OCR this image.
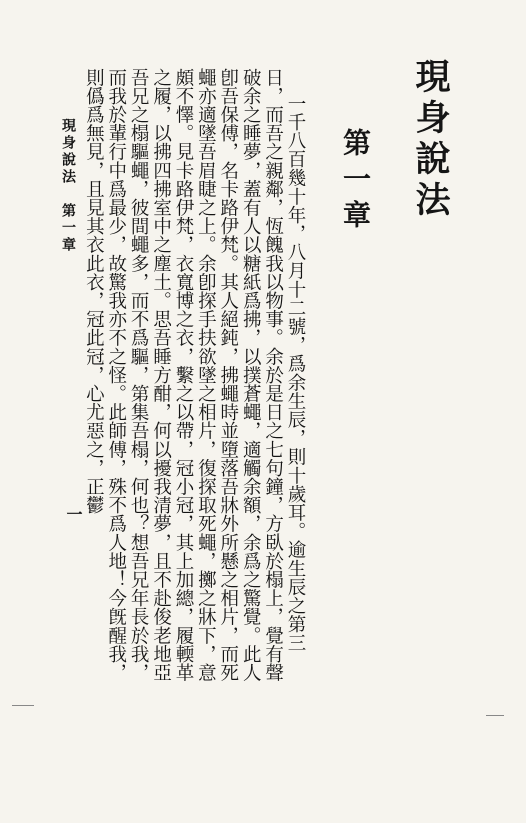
現身說法
第一章

一千八百幾十年，八月十二號，爲余生辰，則十歲耳。逾生辰之第三日，而吾之親鄰，恆餽我以物事。余於是日之七句鐘，方臥於榻上，覺有聲破余之睡夢，蓋有人以糖紙爲拂，以撲蒼蠅，適觸余額，余爲之驚覺。此人卽吾保傅，名卡路伊梵。其人絕鈍，拂蠅時並墮落吾牀外所懸之相片，而死蠅亦適墜吾眉睫之上。余卽探手扶欲墜之相片，復探取死蠅，擲之牀下，意頗不懌。見卡路伊梵，衣寬博之衣，繫之以帶，冠小冠，其上加總，履輭革之履，以拂四拂室中之塵土。思吾睡方酣，何以擾我清夢，且不赴俊老地亞吾兄之榻驅蠅，彼間蠅多，而不爲驅，第集吾榻，何也？想吾兄年長於我，而我於輩行中爲最少，故驚我亦不之怪。此師傅，殊不爲人地！今旣醒我，則僞爲無見，且見其衣此衣，冠此冠，心尤惡之，正鬱

現身說法　第一章
一
